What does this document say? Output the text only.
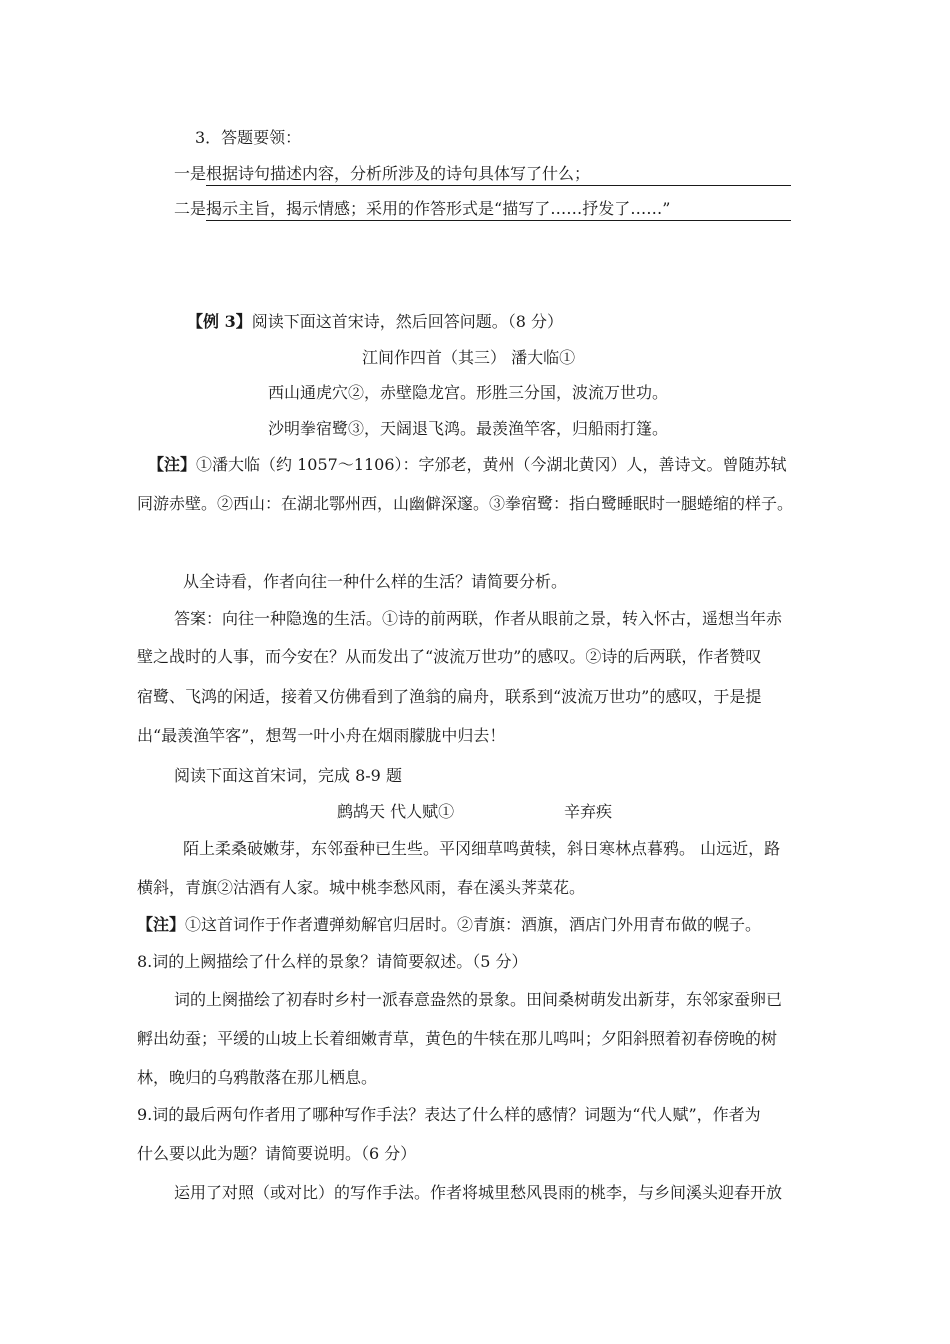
3．答题要领：
一是根据诗句描述内容，分析所涉及的诗句具体写了什么；
二是揭示主旨，揭示情感；采用的作答形式是“描写了……抒发了……”
【例 3】阅读下面这首宋诗，然后回答问题。（8 分）
江间作四首（其三） 潘大临①
西山通虎穴②，赤壁隐龙宫。形胜三分国，波流万世功。
沙明拳宿鹭③，天阔退飞鸿。最羡渔竿客，归船雨打篷。
【注】①潘大临（约 1057～1106）：字邠老，黄州（今湖北黄冈）人，善诗文。曾随苏轼
同游赤壁。②西山：在湖北鄂州西，山幽僻深邃。③拳宿鹭：指白鹭睡眠时一腿蜷缩的样子。
从全诗看，作者向往一种什么样的生活？请简要分析。
答案：向往一种隐逸的生活。①诗的前两联，作者从眼前之景，转入怀古，遥想当年赤
壁之战时的人事，而今安在？从而发出了“波流万世功”的感叹。②诗的后两联，作者赞叹
宿鹭、飞鸿的闲适，接着又仿佛看到了渔翁的扁舟，联系到“波流万世功”的感叹，于是提
出“最羡渔竿客”，想驾一叶小舟在烟雨朦胧中归去！
阅读下面这首宋词，完成 8-9 题
鹧鸪天 代人赋①	辛弃疾
陌上柔桑破嫩芽，东邻蚕种已生些。平冈细草鸣黄犊，斜日寒林点暮鸦。 山远近，路
横斜，青旗②沽酒有人家。城中桃李愁风雨，春在溪头荠菜花。
【注】①这首词作于作者遭弹劾解官归居时。②青旗：酒旗，酒店门外用青布做的幌子。
8.词的上阙描绘了什么样的景象？请简要叙述。（5 分）
词的上阕描绘了初春时乡村一派春意盎然的景象。田间桑树萌发出新芽，东邻家蚕卵已
孵出幼蚕；平缓的山坡上长着细嫩青草，黄色的牛犊在那儿鸣叫；夕阳斜照着初春傍晚的树
林，晚归的乌鸦散落在那儿栖息。
9.词的最后两句作者用了哪种写作手法？表达了什么样的感情？词题为“代人赋”，作者为
什么要以此为题？请简要说明。（6 分）
运用了对照（或对比）的写作手法。作者将城里愁风畏雨的桃李，与乡间溪头迎春开放
